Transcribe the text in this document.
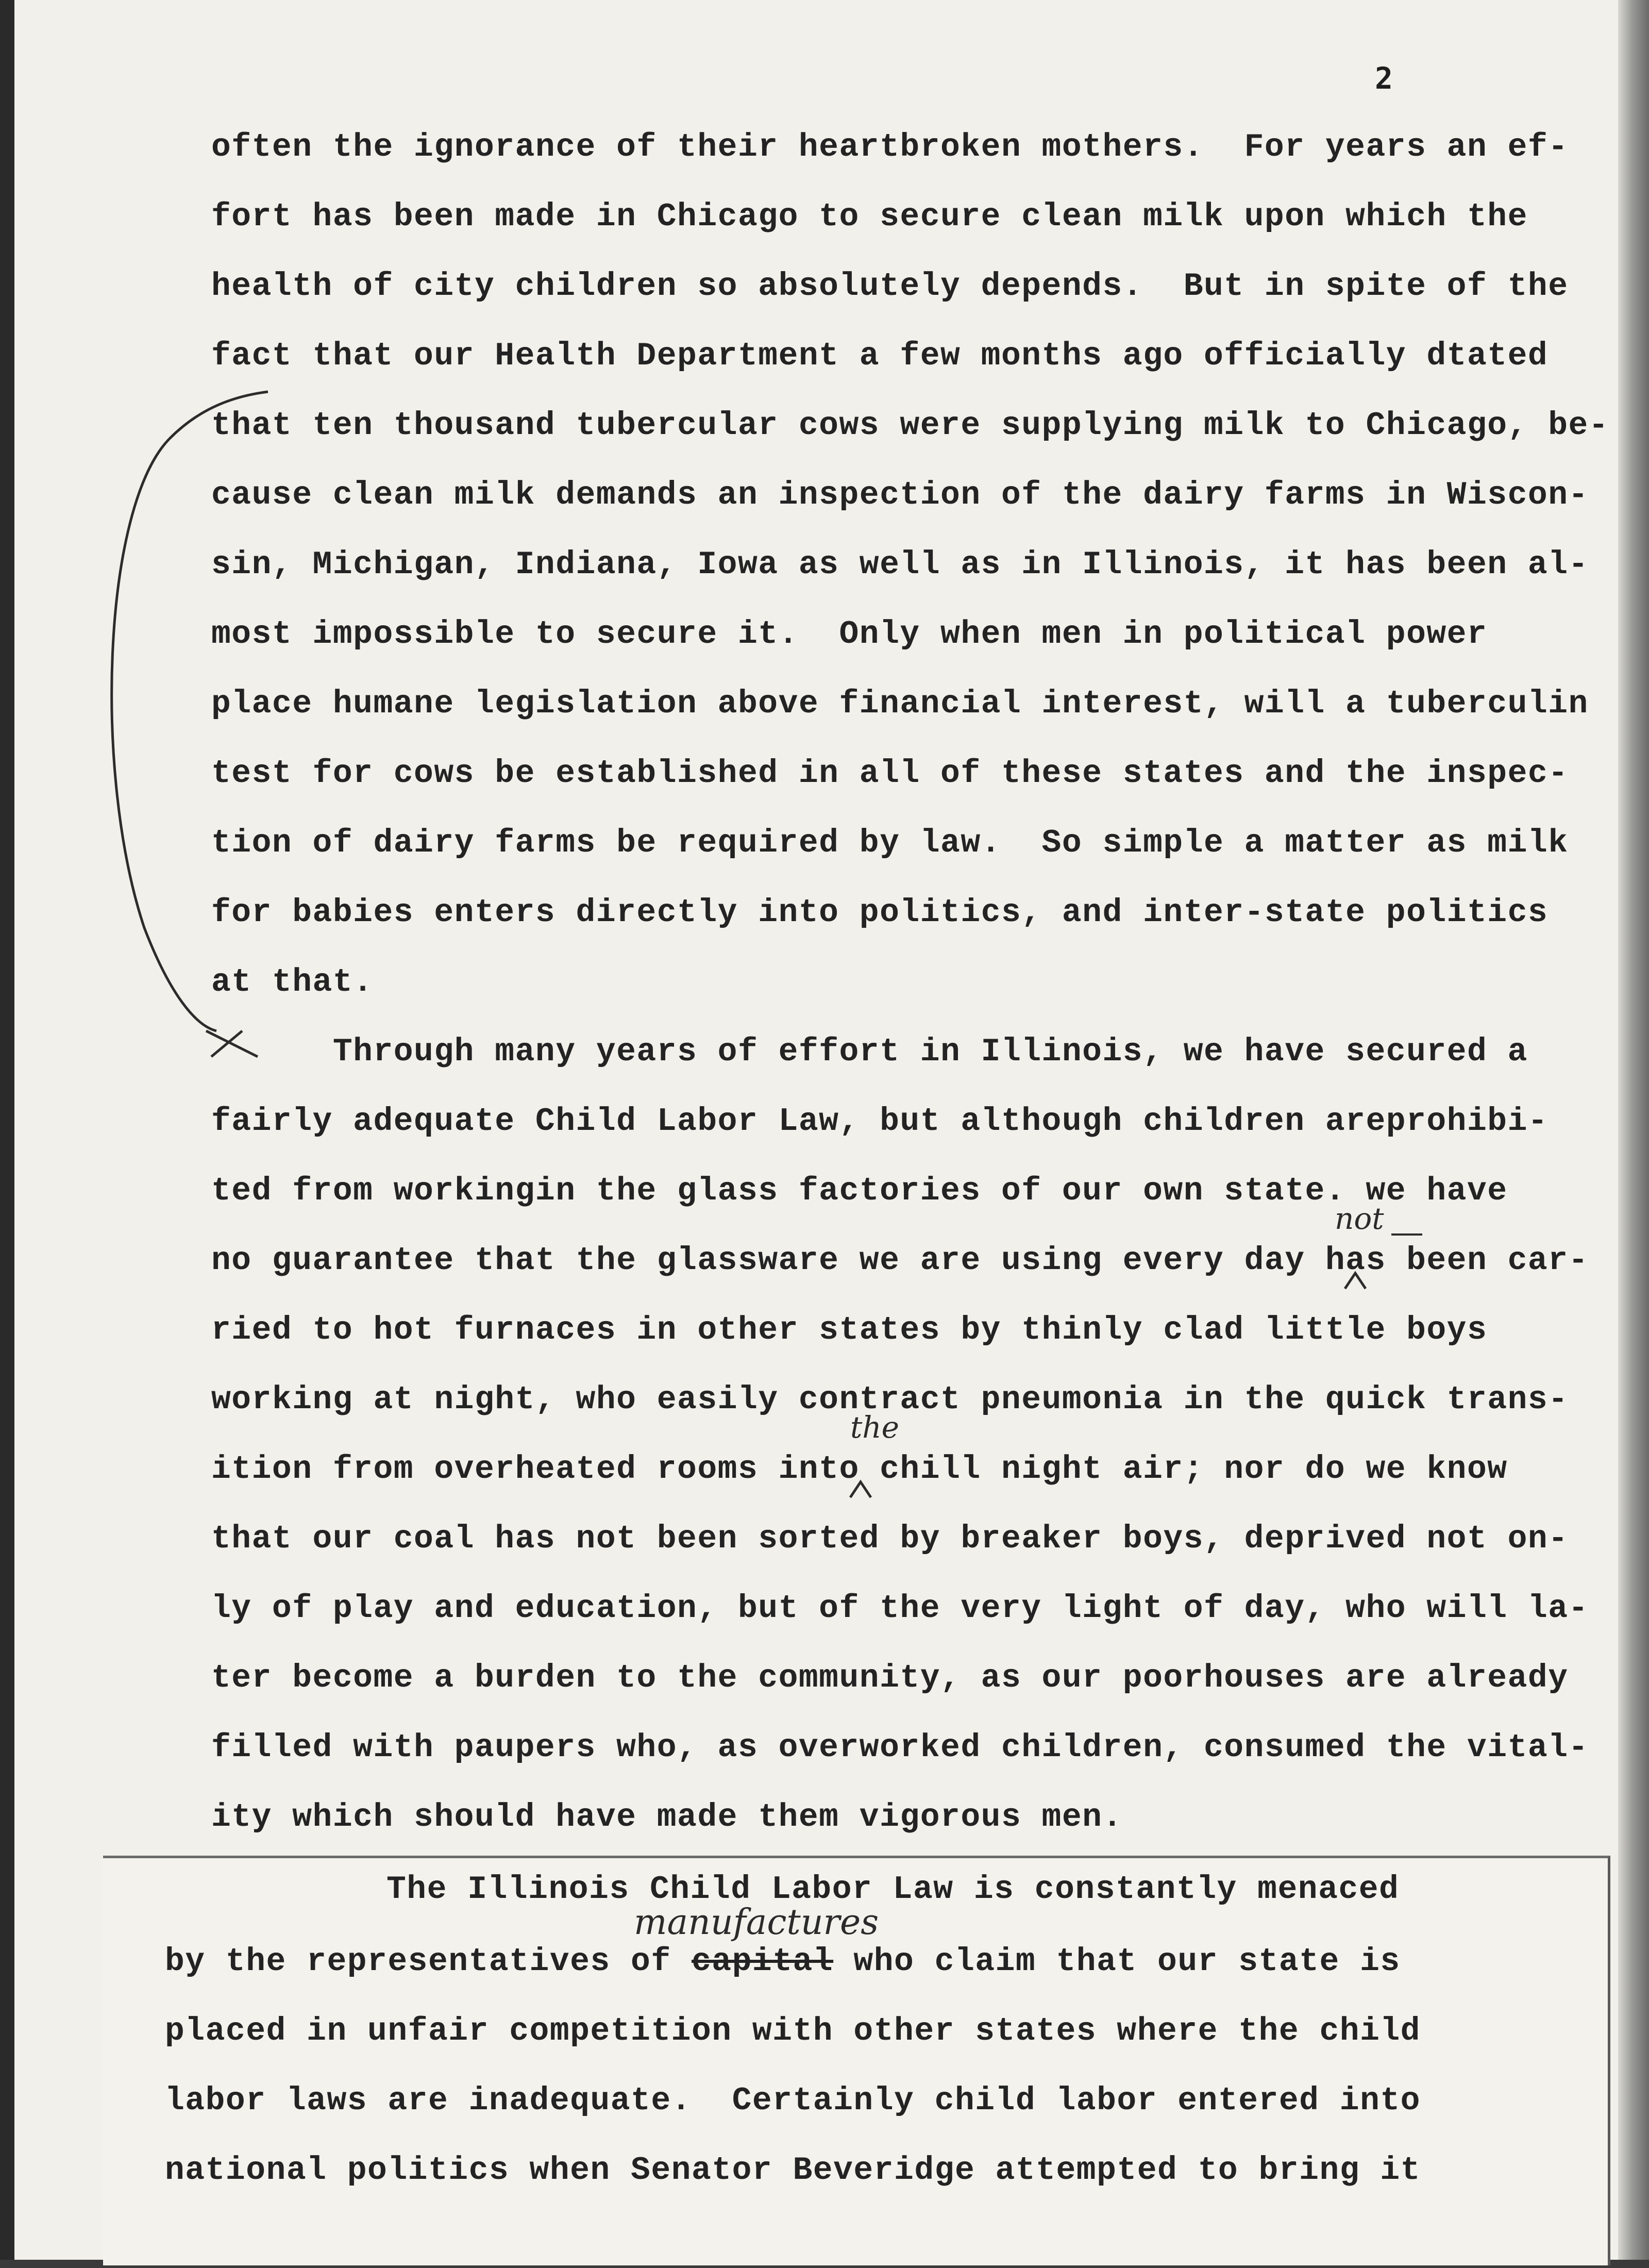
2
often the ignorance of their heartbroken mothers.  For years an ef-
fort has been made in Chicago to secure clean milk upon which the
health of city children so absolutely depends.  But in spite of the
fact that our Health Department a few months ago officially dtated
that ten thousand tubercular cows were supplying milk to Chicago, be-
cause clean milk demands an inspection of the dairy farms in Wiscon-
sin, Michigan, Indiana, Iowa as well as in Illinois, it has been al-
most impossible to secure it.  Only when men in political power
place humane legislation above financial interest, will a tuberculin
test for cows be established in all of these states and the inspec-
tion of dairy farms be required by law.  So simple a matter as milk
for babies enters directly into politics, and inter-state politics
at that.
Through many years of effort in Illinois, we have secured a
fairly adequate Child Labor Law, but although children areprohibi-
ted from workingin the glass factories of our own state. we have
no guarantee that the glassware we are using every day has been car-
ried to hot furnaces in other states by thinly clad little boys
working at night, who easily contract pneumonia in the quick trans-
ition from overheated rooms into chill night air; nor do we know
that our coal has not been sorted by breaker boys, deprived not on-
ly of play and education, but of the very light of day, who will la-
ter become a burden to the community, as our poorhouses are already
filled with paupers who, as overworked children, consumed the vital-
ity which should have made them vigorous men.
not
the
The Illinois Child Labor Law is constantly menaced
by the representatives of capital who claim that our state is
placed in unfair competition with other states where the child
labor laws are inadequate.  Certainly child labor entered into
national politics when Senator Beveridge attempted to bring it
manufactures
